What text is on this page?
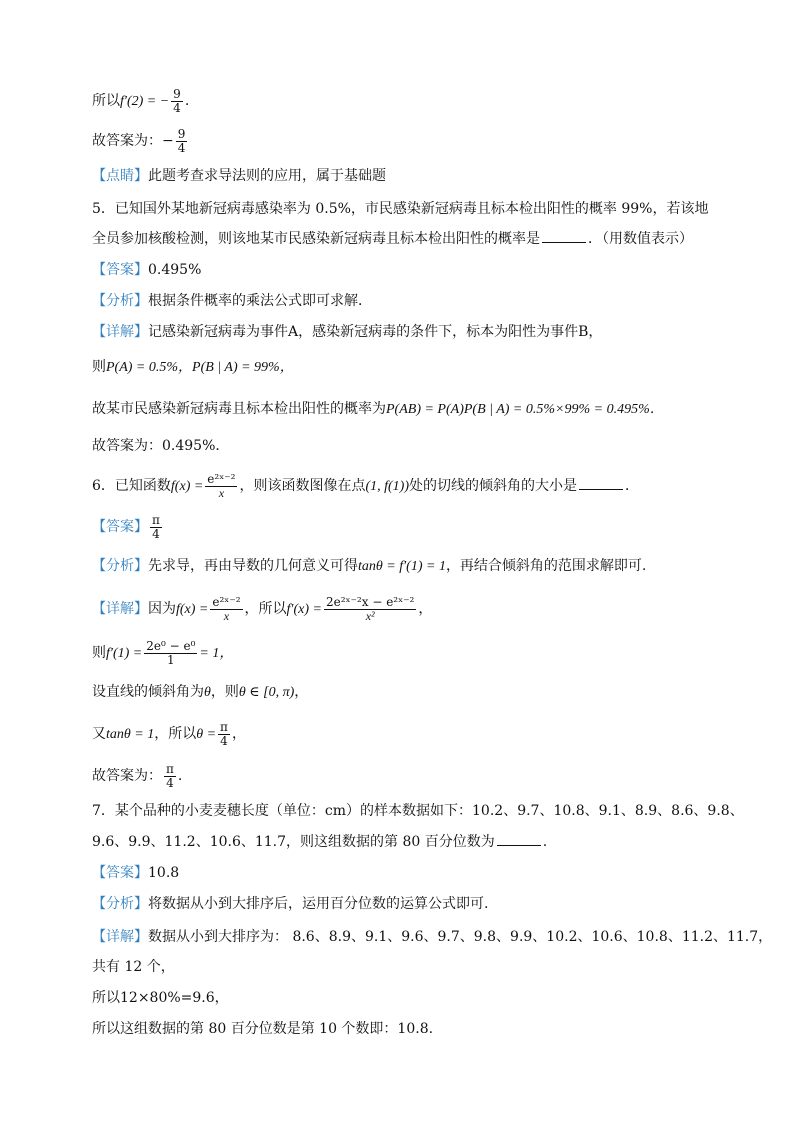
所以f′(2) = − $\frac{9}{4}$ .
故答案为：− $\frac{9}{4}$
【点睛】此题考查求导法则的应用，属于基础题
5．已知国外某地新冠病毒感染率为 0.5%，市民感染新冠病毒且标本检出阳性的概率 99%，若该地
全员参加核酸检测，则该地某市民感染新冠病毒且标本检出阳性的概率是	．（用数值表示）
【答案】0.495%
【分析】根据条件概率的乘法公式即可求解．
【详解】记感染新冠病毒为事件A，感染新冠病毒的条件下，标本为阳性为事件B，
则P(A) = 0.5%，P(B | A) = 99%，
故某市民感染新冠病毒且标本检出阳性的概率为P(AB) = P(A)P(B | A) = 0.5%×99% = 0.495%．
故答案为：0.495%．
6．已知函数$f(x) = \frac{\text{e²ˣ⁻²}}{x}$ ，则该函数图像在点(1, f(1))处的切线的倾斜角的大小是	．
【答案】 $\frac{\pi}{4}$
【分析】先求导，再由导数的几何意义可得tanθ = f′(1) = 1，再结合倾斜角的范围求解即可.
【详解】因为$f(x) = \frac{\text{e²ˣ⁻²}}{x}$ ，所以$f'(x) = \frac{\text{2e²ˣ⁻²x − e²ˣ⁻²}}{\text{x²}}$ ，
则$f'(1) = \frac{\text{2e⁰ − e⁰}}{1} = 1$，
设直线的倾斜角为θ，则θ ∈ [0, π)，
又tanθ = 1，所以$\theta = \frac{\pi}{4}$ ，
故答案为： $\frac{\pi}{4}$ .
7．某个品种的小麦麦穗长度（单位：cm）的样本数据如下：10.2、9.7、10.8、9.1、8.9、8.6、9.8、
9.6、9.9、11.2、10.6、11.7，则这组数据的第 80 百分位数为	.
【答案】10.8
【分析】将数据从小到大排序后，运用百分位数的运算公式即可.
【详解】数据从小到大排序为： 8.6、8.9、9.1、9.6、9.7、9.8、9.9、10.2、10.6、10.8、11.2、11.7，
共有 12 个，
所以12×80%=9.6，
所以这组数据的第 80 百分位数是第 10 个数即：10.8.
